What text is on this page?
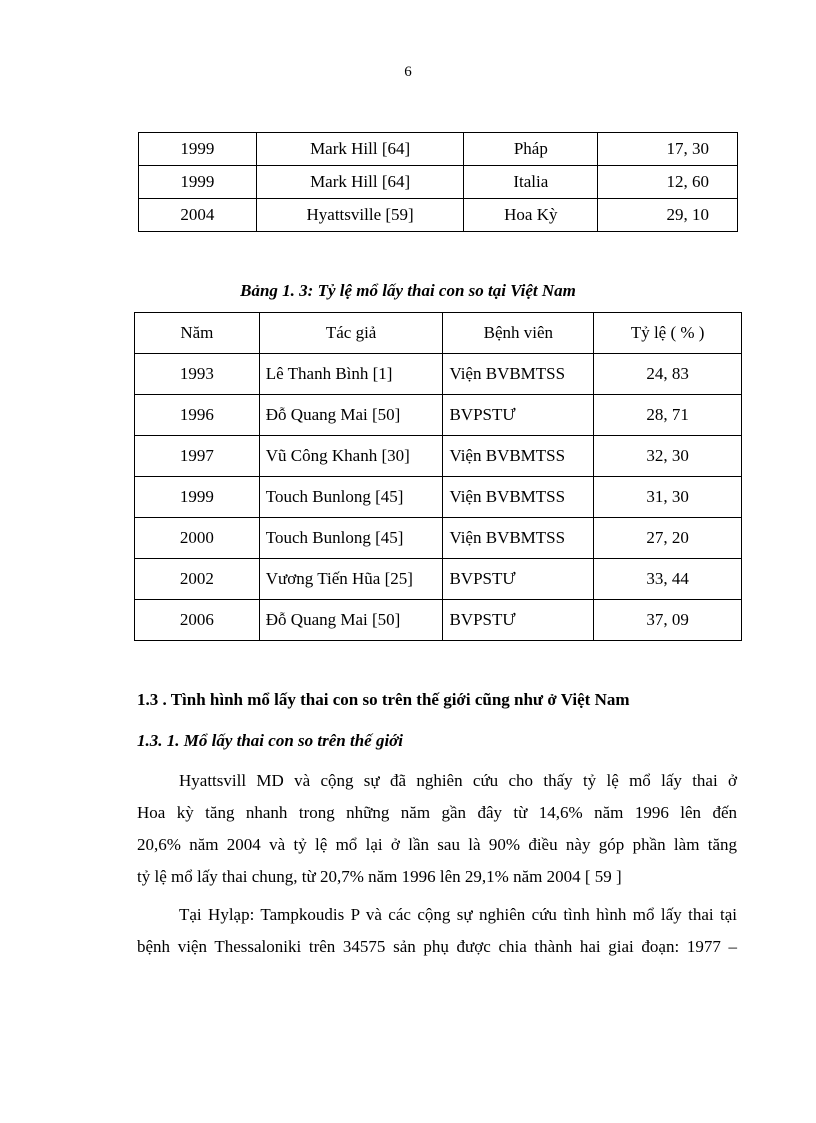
6
1999	Mark Hill [64]	Pháp	17, 30
1999	Mark Hill [64]	Italia	12, 60
2004	Hyattsville [59]	Hoa Kỳ	29, 10
Bảng 1. 3: Tỷ lệ mổ lấy thai con so tại Việt Nam
Năm	Tác giả	Bệnh viên	Tỷ lệ ( % )
1993	Lê Thanh Bình [1]	Viện BVBMTSS	24, 83
1996	Đỗ Quang Mai [50]	BVPSTƯ	28, 71
1997	Vũ Công Khanh [30]	Viện BVBMTSS	32, 30
1999	Touch Bunlong [45]	Viện BVBMTSS	31, 30
2000	Touch Bunlong [45]	Viện BVBMTSS	27, 20
2002	Vương Tiến Hũa [25]	BVPSTƯ	33, 44
2006	Đỗ Quang Mai [50]	BVPSTƯ	37, 09
1.3 . Tình hình mổ lấy thai con so trên thế giới cũng như ở Việt Nam
1.3. 1. Mổ lấy thai con so trên thế giới
Hyattsvill MD và cộng sự đã nghiên cứu cho thấy tỷ lệ mổ lấy thai ở
Hoa kỳ tăng nhanh trong những năm gần đây từ 14,6% năm 1996 lên đến
20,6% năm 2004 và tỷ lệ mổ lại ở lần sau là 90% điều này góp phần làm tăng
tỷ lệ mổ lấy thai chung, từ 20,7% năm 1996 lên 29,1% năm 2004 [ 59 ]
Tại Hylạp: Tampkoudis P và các cộng sự nghiên cứu tình hình mổ lấy thai tại
bệnh viện Thessaloniki trên 34575 sản phụ được chia thành hai giai đoạn: 1977 –
